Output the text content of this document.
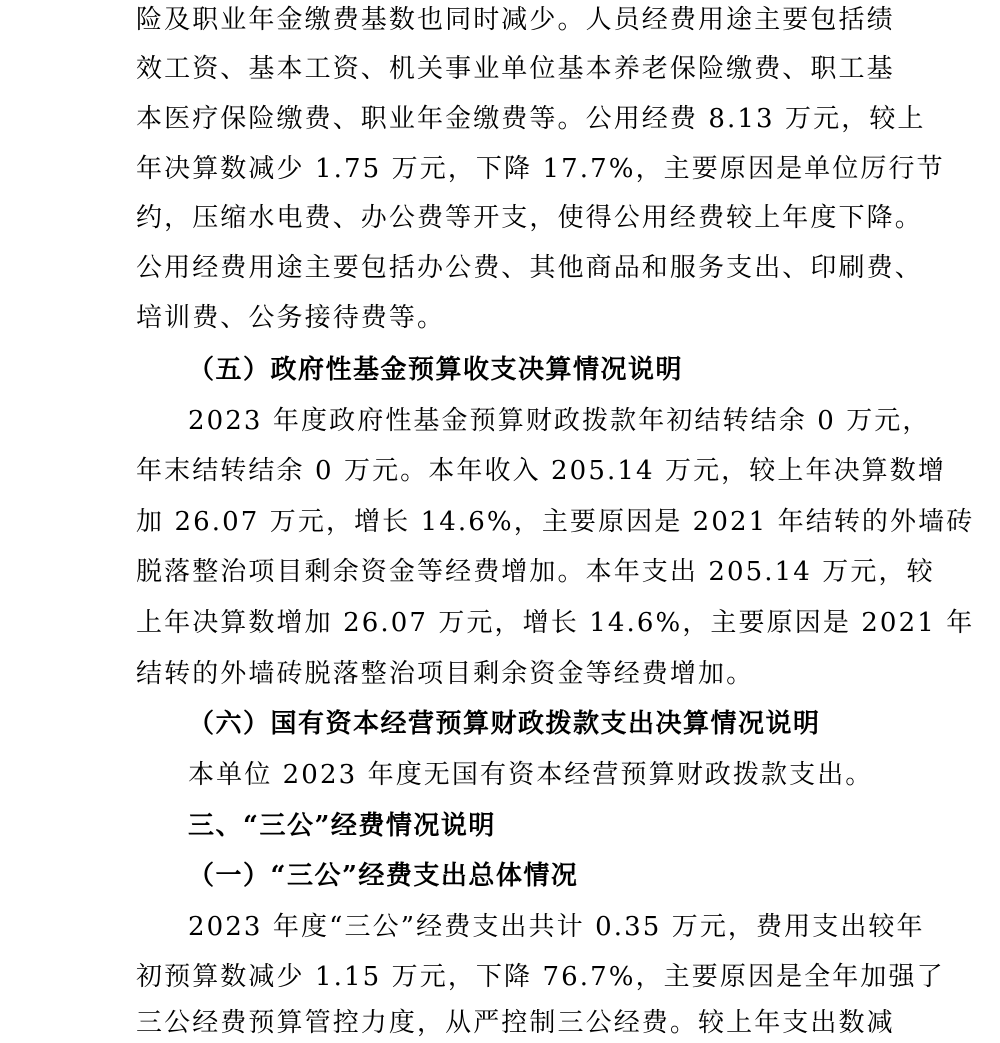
险及职业年金缴费基数也同时减少。人员经费用途主要包括绩
效工资、基本工资、机关事业单位基本养老保险缴费、职工基
本医疗保险缴费、职业年金缴费等。公用经费 8.13 万元，较上
年决算数减少 1.75 万元，下降 17.7%，主要原因是单位厉行节
约，压缩水电费、办公费等开支，使得公用经费较上年度下降。
公用经费用途主要包括办公费、其他商品和服务支出、印刷费、
培训费、公务接待费等。
（五）政府性基金预算收支决算情况说明
2023 年度政府性基金预算财政拨款年初结转结余 0 万元，
年末结转结余 0 万元。本年收入 205.14 万元，较上年决算数增
加 26.07 万元，增长 14.6%，主要原因是 2021 年结转的外墙砖
脱落整治项目剩余资金等经费增加。本年支出 205.14 万元，较
上年决算数增加 26.07 万元，增长 14.6%，主要原因是 2021 年
结转的外墙砖脱落整治项目剩余资金等经费增加。
（六）国有资本经营预算财政拨款支出决算情况说明
本单位 2023 年度无国有资本经营预算财政拨款支出。
三、“三公”经费情况说明
（一）“三公”经费支出总体情况
2023 年度“三公”经费支出共计 0.35 万元，费用支出较年
初预算数减少 1.15 万元，下降 76.7%，主要原因是全年加强了
三公经费预算管控力度，从严控制三公经费。较上年支出数减
